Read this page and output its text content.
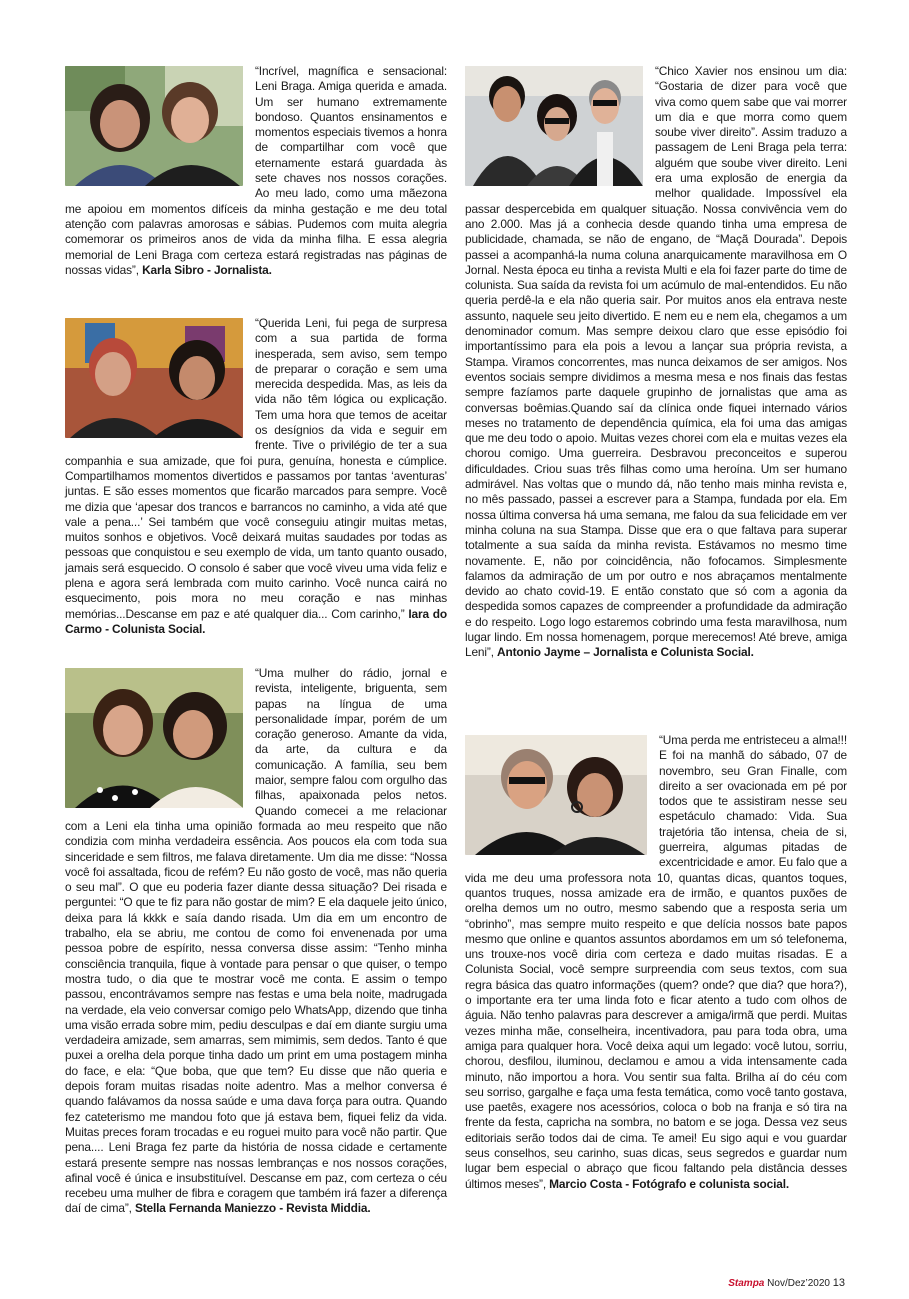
“Incrível, magnífica e sensacional: Leni Braga. Amiga querida e amada. Um ser humano extremamente bondoso. Quantos ensinamentos e momentos especiais tivemos a honra de compartilhar com você que eternamente estará guardada às sete chaves nos nossos corações. Ao meu lado, como uma mãezona me apoiou em momentos difíceis da minha gestação e me deu total atenção com palavras amorosas e sábias. Pudemos com muita alegria comemorar os primeiros anos de vida da minha filha. E essa alegria memorial de Leni Braga com certeza estará registradas nas páginas de nossas vidas”, Karla Sibro - Jornalista.

“Querida Leni, fui pega de surpresa com a sua partida de forma inesperada, sem aviso, sem tempo de preparar o coração e sem uma merecida despedida. Mas, as leis da vida não têm lógica ou explicação. Tem uma hora que temos de aceitar os desígnios da vida e seguir em frente. Tive o privilégio de ter a sua companhia e sua amizade, que foi pura, genuína, honesta e cúmplice. Compartilhamos momentos divertidos e passamos por tantas ‘aventuras’ juntas. E são esses momentos que ficarão marcados para sempre. Você me dizia que ‘apesar dos trancos e barrancos no caminho, a vida até que vale a pena...’ Sei também que você conseguiu atingir muitas metas, muitos sonhos e objetivos. Você deixará muitas saudades por todas as pessoas que conquistou e seu exemplo de vida, um tanto quanto ousado, jamais será esquecido. O consolo é saber que você viveu uma vida feliz e plena e agora será lembrada com muito carinho. Você nunca cairá no esquecimento, pois mora no meu coração e nas minhas memórias...Descanse em paz e até qualquer dia... Com carinho,” Iara do Carmo - Colunista Social.

“Uma mulher do rádio, jornal e revista, inteligente, briguenta, sem papas na língua de uma personalidade ímpar, porém de um coração generoso. Amante da vida, da arte, da cultura e da comunicação. A família, seu bem maior, sempre falou com orgulho das filhas, apaixonada pelos netos. Quando comecei a me relacionar com a Leni ela tinha uma opinião formada ao meu respeito que não condizia com minha verdadeira essência. Aos poucos ela com toda sua sinceridade e sem filtros, me falava diretamente. Um dia me disse: “Nossa você foi assaltada, ficou de refém? Eu não gosto de você, mas não queria o seu mal”. O que eu poderia fazer diante dessa situação? Dei risada e perguntei: “O que te fiz para não gostar de mim? E ela daquele jeito único, deixa para lá kkkk e saía dando risada. Um dia em um encontro de trabalho, ela se abriu, me contou de como foi envenenada por uma pessoa pobre de espírito, nessa conversa disse assim: “Tenho minha consciência tranquila, fique à vontade para pensar o que quiser, o tempo mostra tudo, o dia que te mostrar você me conta. E assim o tempo passou, encontrávamos sempre nas festas e uma bela noite, madrugada na verdade, ela veio conversar comigo pelo WhatsApp, dizendo que tinha uma visão errada sobre mim, pediu desculpas e daí em diante surgiu uma verdadeira amizade, sem amarras, sem mimimis, sem dedos. Tanto é que puxei a orelha dela porque tinha dado um print em uma postagem minha do face, e ela: “Que boba, que que tem? Eu disse que não queria e depois foram muitas risadas noite adentro. Mas a melhor conversa é quando falávamos da nossa saúde e uma dava força para outra. Quando fez cateterismo me mandou foto que já estava bem, fiquei feliz da vida. Muitas preces foram trocadas e eu roguei muito para você não partir. Que pena.... Leni Braga fez parte da história de nossa cidade e certamente estará presente sempre nas nossas lembranças e nos nossos corações, afinal você é única e insubstituível. Descanse em paz, com certeza o céu recebeu uma mulher de fibra e coragem que também irá fazer a diferença daí de cima”, Stella Fernanda Maniezzo - Revista Middia.

“Chico Xavier nos ensinou um dia: “Gostaria de dizer para você que viva como quem sabe que vai morrer um dia e que morra como quem soube viver direito”. Assim traduzo a passagem de Leni Braga pela terra: alguém que soube viver direito. Leni era uma explosão de energia da melhor qualidade. Impossível ela passar despercebida em qualquer situação. Nossa convivência vem do ano 2.000. Mas já a conhecia desde quando tinha uma empresa de publicidade, chamada, se não de engano, de “Maçã Dourada”. Depois passei a acompanhá-la numa coluna anarquicamente maravilhosa em O Jornal. Nesta época eu tinha a revista Multi e ela foi fazer parte do time de colunista. Sua saída da revista foi um acúmulo de mal-entendidos. Eu não queria perdê-la e ela não queria sair. Por muitos anos ela entrava neste assunto, naquele seu jeito divertido. E nem eu e nem ela, chegamos a um denominador comum. Mas sempre deixou claro que esse episódio foi importantíssimo para ela pois a levou a lançar sua própria revista, a Stampa. Viramos concorrentes, mas nunca deixamos de ser amigos. Nos eventos sociais sempre dividimos a mesma mesa e nos finais das festas sempre fazíamos parte daquele grupinho de jornalistas que ama as conversas boêmias.Quando saí da clínica onde fiquei internado vários meses no tratamento de dependência química, ela foi uma das amigas que me deu todo o apoio. Muitas vezes chorei com ela e muitas vezes ela chorou comigo. Uma guerreira. Desbravou preconceitos e superou dificuldades. Criou suas três filhas como uma heroína. Um ser humano admirável. Nas voltas que o mundo dá, não tenho mais minha revista e, no mês passado, passei a escrever para a Stampa, fundada por ela. Em nossa última conversa há uma semana, me falou da sua felicidade em ver minha coluna na sua Stampa. Disse que era o que faltava para superar totalmente a sua saída da minha revista. Estávamos no mesmo time novamente. E, não por coincidência, não fofocamos. Simplesmente falamos da admiração de um por outro e nos abraçamos mentalmente devido ao chato covid-19. E então constato que só com a agonia da despedida somos capazes de compreender a profundidade da admiração e do respeito. Logo logo estaremos cobrindo uma festa maravilhosa, num lugar lindo. Em nossa homenagem, porque merecemos! Até breve, amiga Leni”, Antonio Jayme – Jornalista e Colunista Social.

“Uma perda me entristeceu a alma!!! E foi na manhã do sábado, 07 de novembro, seu Gran Finalle, com direito a ser ovacionada em pé por todos que te assistiram nesse seu espetáculo chamado: Vida. Sua trajetória tão intensa, cheia de si, guerreira, algumas pitadas de excentricidade e amor. Eu falo que a vida me deu uma professora nota 10, quantas dicas, quantos toques, quantos truques, nossa amizade era de irmão, e quantos puxões de orelha demos um no outro, mesmo sabendo que a resposta seria um “obrinho”, mas sempre muito respeito e que delícia nossos bate papos mesmo que online e quantos assuntos abordamos em um só telefonema, uns trouxe-nos você diria com certeza e dado muitas risadas. E a Colunista Social, você sempre surpreendia com seus textos, com sua regra básica das quatro informações (quem? onde? que dia? que hora?), o importante era ter uma linda foto e ficar atento a tudo com olhos de águia. Não tenho palavras para descrever a amiga/irmã que perdi. Muitas vezes minha mãe, conselheira, incentivadora, pau para toda obra, uma amiga para qualquer hora. Você deixa aqui um legado: você lutou, sorriu, chorou, desfilou, iluminou, declamou e amou a vida intensamente cada minuto, não importou a hora. Vou sentir sua falta. Brilha aí do céu com seu sorriso, gargalhe e faça uma festa temática, como você tanto gostava, use paetês, exagere nos acessórios, coloca o bob na franja e só tira na frente da festa, capricha na sombra, no batom e se joga. Dessa vez seus editoriais serão todos dai de cima. Te amei! Eu sigo aqui e vou guardar seus conselhos, seu carinho, suas dicas, seus segredos e guardar num lugar bem especial o abraço que ficou faltando pela distância desses últimos meses”, Marcio Costa - Fotógrafo e colunista social.

Stampa Nov/Dez’2020 13
